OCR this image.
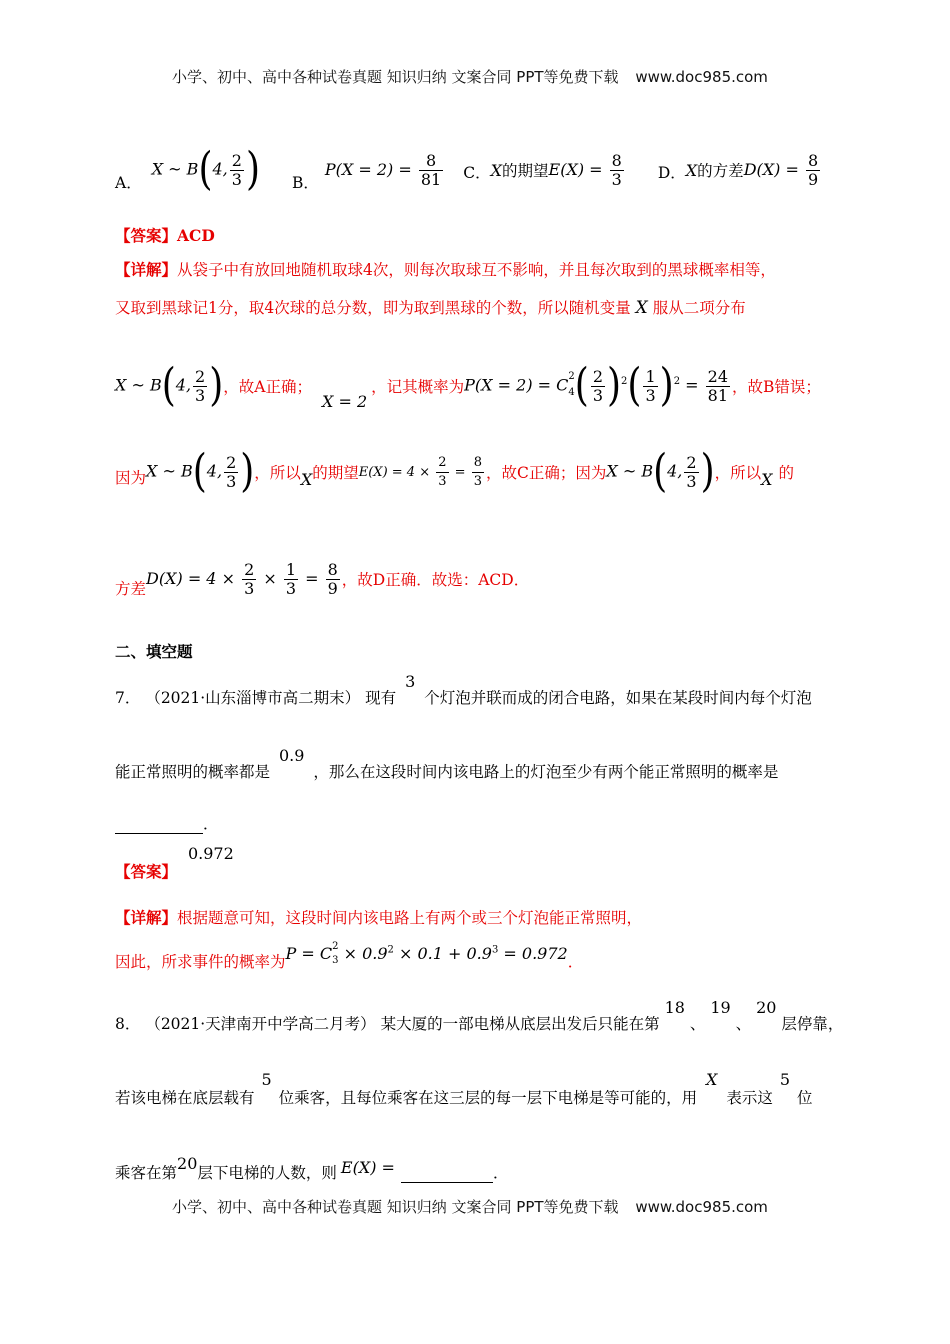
小学、初中、高中各种试卷真题 知识归纳 文案合同 PPT等免费下载 www.doc985.com
A．
X ~ B(4, $\frac{2}{3}$ ) B．
$P(X = 2) = \frac{8}{81}$ C． X 的期望 $E(X) = \frac{8}{3}$ D． X 的方差 $D(X) = \frac{8}{9}$
【答案】ACD
【详解】从袋子中有放回地随机取球4次，则每次取球互不影响，并且每次取到的黑球概率相等，
又取到黑球记1分，取4次球的总分数，即为取到黑球的个数，所以随机变量 X 服从二项分布
X ~ B(4, $\frac{2}{3}$ ) ，故A正确；
X = 2
，记其概率为 P(X = 2) = C $_{2 4}( \frac{2}{3} )^2( \frac{1}{3} )^2 = \frac{24}{81}$ ，故B错误；
因为 X ~ B(4, $\frac{2}{3}$ ) ，所以 X 的期望 $E(X) = 4 \times \frac{2}{3} = \frac{8}{3}$ ，故C正确；因为 X ~ B(4, $\frac{2}{3}$ ) ，所以 X 的
方差
$D(X) = 4 \times \frac{2}{3} \times \frac{1}{3} = \frac{8}{9}$ ，故D正确．故选：ACD．
二、填空题
7． （2021·山东淄博市高二期末） 现有 3 个灯泡并联而成的闭合电路，如果在某段时间内每个灯泡
能正常照明的概率都是 0.9 ，那么在这段时间内该电路上的灯泡至少有两个能正常照明的概率是
．
【答案】 0.972
【详解】根据题意可知，这段时间内该电路上有两个或三个灯泡能正常照明，
因此，所求事件的概率为 P = C $_{2 3} \times 0.9^2 \times 0.1 + 0.9^3 = 0.972$ ．
8． （2021·天津南开中学高二月考） 某大厦的一部电梯从底层出发后只能在第 18 、 19 、 20 层停靠，
若该电梯在底层载有 5 位乘客，且每位乘客在这三层的每一层下电梯是等可能的，用 X 表示这 5 位
乘客在第
20
层下电梯的人数，则 E(X) =
	．
小学、初中、高中各种试卷真题 知识归纳 文案合同 PPT等免费下载 www.doc985.com
